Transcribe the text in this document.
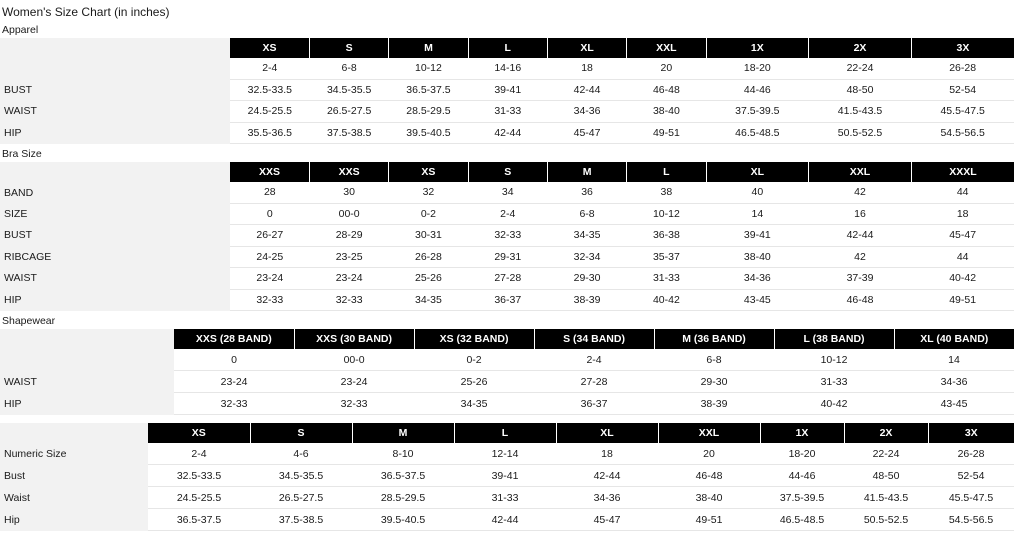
Women's Size Chart (in inches)
Apparel
	XS	S	M	L	XL	XXL	1X	2X	3X
	2-4	6-8	10-12	14-16	18	20	18-20	22-24	26-28
BUST	32.5-33.5	34.5-35.5	36.5-37.5	39-41	42-44	46-48	44-46	48-50	52-54
WAIST	24.5-25.5	26.5-27.5	28.5-29.5	31-33	34-36	38-40	37.5-39.5	41.5-43.5	45.5-47.5
HIP	35.5-36.5	37.5-38.5	39.5-40.5	42-44	45-47	49-51	46.5-48.5	50.5-52.5	54.5-56.5
Bra Size
	XXS	XXS	XS	S	M	L	XL	XXL	XXXL
BAND	28	30	32	34	36	38	40	42	44
SIZE	0	00-0	0-2	2-4	6-8	10-12	14	16	18
BUST	26-27	28-29	30-31	32-33	34-35	36-38	39-41	42-44	45-47
RIBCAGE	24-25	23-25	26-28	29-31	32-34	35-37	38-40	42	44
WAIST	23-24	23-24	25-26	27-28	29-30	31-33	34-36	37-39	40-42
HIP	32-33	32-33	34-35	36-37	38-39	40-42	43-45	46-48	49-51
Shapewear
	XXS (28 BAND)	XXS (30 BAND)	XS (32 BAND)	S (34 BAND)	M (36 BAND)	L (38 BAND)	XL (40 BAND)
	0	00-0	0-2	2-4	6-8	10-12	14
WAIST	23-24	23-24	25-26	27-28	29-30	31-33	34-36
HIP	32-33	32-33	34-35	36-37	38-39	40-42	43-45
	XS	S	M	L	XL	XXL	1X	2X	3X
Numeric Size	2-4	4-6	8-10	12-14	18	20	18-20	22-24	26-28
Bust	32.5-33.5	34.5-35.5	36.5-37.5	39-41	42-44	46-48	44-46	48-50	52-54
Waist	24.5-25.5	26.5-27.5	28.5-29.5	31-33	34-36	38-40	37.5-39.5	41.5-43.5	45.5-47.5
Hip	36.5-37.5	37.5-38.5	39.5-40.5	42-44	45-47	49-51	46.5-48.5	50.5-52.5	54.5-56.5
